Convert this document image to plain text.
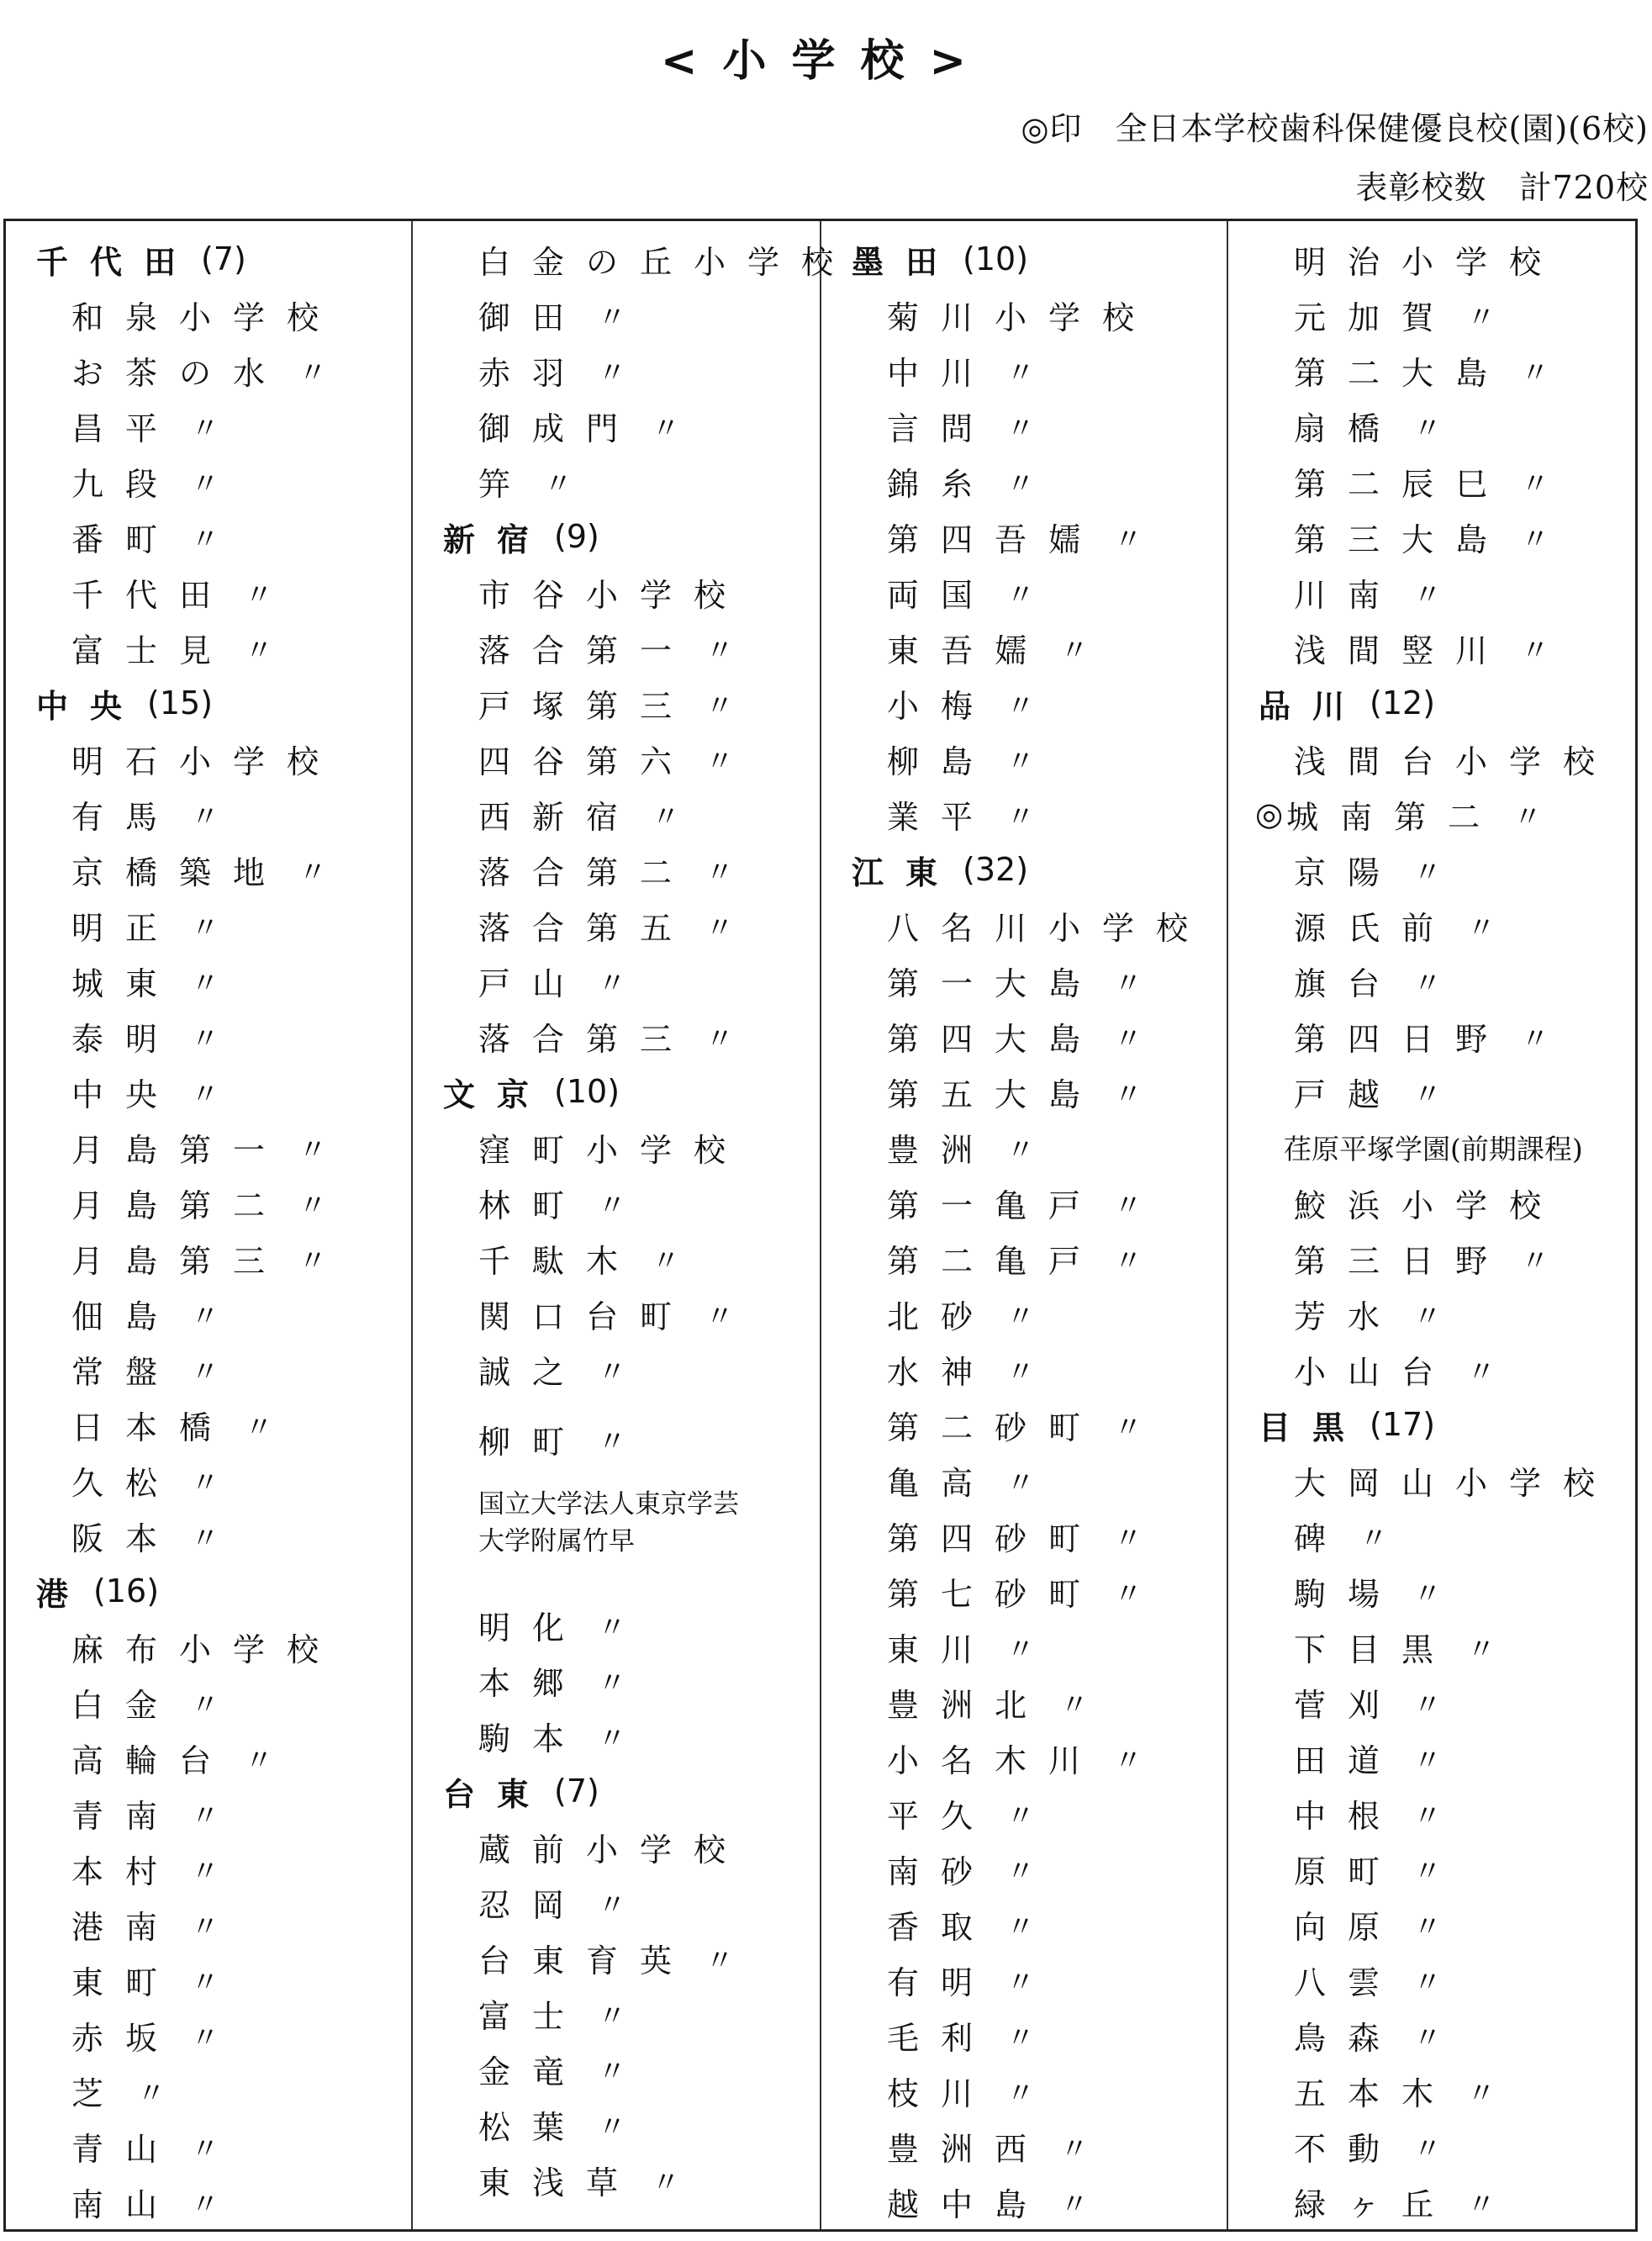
<小学校>
◎印　全日本学校歯科保健優良校(園)(6校)
表彰校数　計720校
千代田 (7)
和泉小学校
お茶の水 〃
昌平 〃
九段 〃
番町 〃
千代田 〃
富士見 〃
中央 (15)
明石小学校
有馬 〃
京橋築地 〃
明正 〃
城東 〃
泰明 〃
中央 〃
月島第一 〃
月島第二 〃
月島第三 〃
佃島 〃
常盤 〃
日本橋 〃
久松 〃
阪本 〃
港 (16)
麻布小学校
白金 〃
高輪台 〃
青南 〃
本村 〃
港南 〃
東町 〃
赤坂 〃
芝 〃
青山 〃
南山 〃
白金の丘小学校
御田 〃
赤羽 〃
御成門 〃
笄 〃
新宿 (9)
市谷小学校
落合第一 〃
戸塚第三 〃
四谷第六 〃
西新宿 〃
落合第二 〃
落合第五 〃
戸山 〃
落合第三 〃
文京 (10)
窪町小学校
林町 〃
千駄木 〃
関口台町 〃
誠之 〃
柳町 〃
国立大学法人東京学芸大学附属竹早
明化 〃
本郷 〃
駒本 〃
台東 (7)
蔵前小学校
忍岡 〃
台東育英 〃
富士 〃
金竜 〃
松葉 〃
東浅草 〃
墨田 (10)
菊川小学校
中川 〃
言問 〃
錦糸 〃
第四吾嬬 〃
両国 〃
東吾嬬 〃
小梅 〃
柳島 〃
業平 〃
江東 (32)
八名川小学校
第一大島 〃
第四大島 〃
第五大島 〃
豊洲 〃
第一亀戸 〃
第二亀戸 〃
北砂 〃
水神 〃
第二砂町 〃
亀高 〃
第四砂町 〃
第七砂町 〃
東川 〃
豊洲北 〃
小名木川 〃
平久 〃
南砂 〃
香取 〃
有明 〃
毛利 〃
枝川 〃
豊洲西 〃
越中島 〃
明治小学校
元加賀 〃
第二大島 〃
扇橋 〃
第二辰巳 〃
第三大島 〃
川南 〃
浅間竪川 〃
品川 (12)
浅間台小学校
◎ 城南第二 〃
京陽 〃
源氏前 〃
旗台 〃
第四日野 〃
戸越 〃
荏原平塚学園(前期課程)
鮫浜小学校
第三日野 〃
芳水 〃
小山台 〃
目黒 (17)
大岡山小学校
碑 〃
駒場 〃
下目黒 〃
菅刈 〃
田道 〃
中根 〃
原町 〃
向原 〃
八雲 〃
鳥森 〃
五本木 〃
不動 〃
緑ヶ丘 〃
